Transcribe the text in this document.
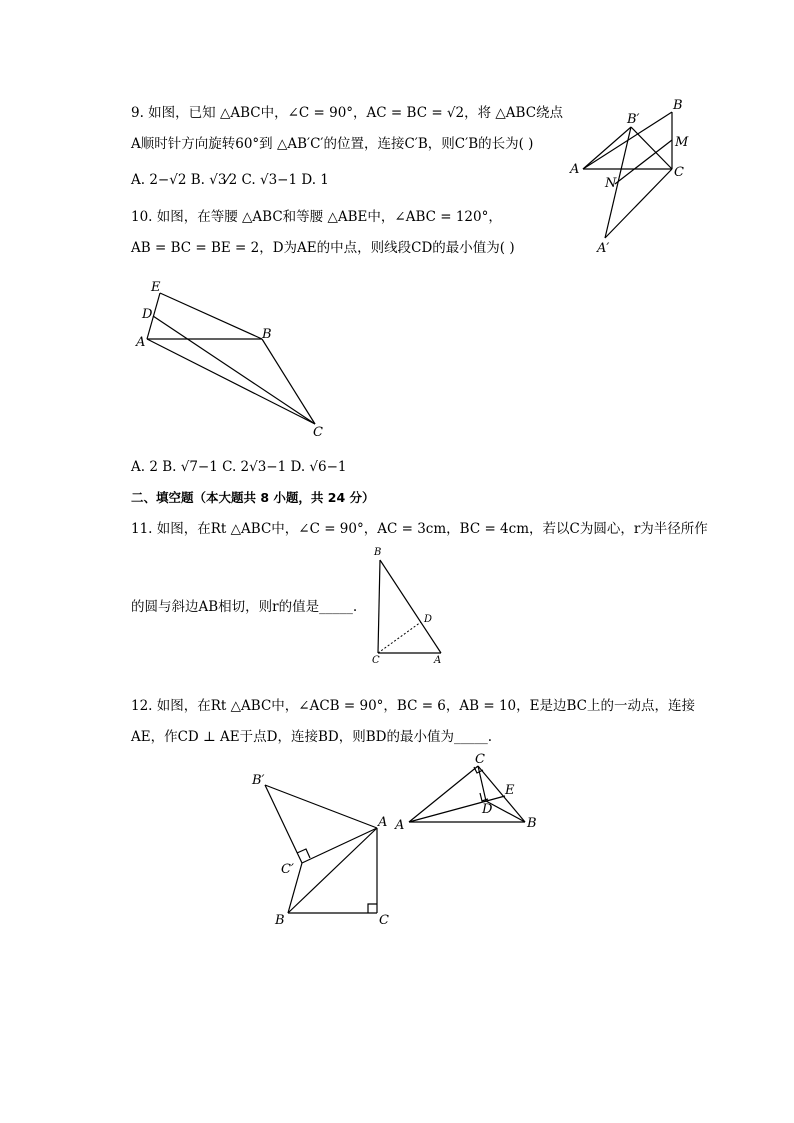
9. 如图，已知 △ABC中，∠C = 90°，AC = BC = √2，将 △ABC绕点
A顺时针方向旋转60°到 △AB′C′的位置，连接C′B，则C′B的长为( )
A. 2−√2 B. √3⁄2 C. √3−1 D. 1
B
B′
M
A
N
C
A′
10. 如图，在等腰 △ABC和等腰 △ABE中，∠ABC = 120°，
AB = BC = BE = 2，D为AE的中点，则线段CD的最小值为( )
E
D
A
B
C
A. 2 B. √7−1 C. 2√3−1 D. √6−1
二、填空题（本大题共 8 小题，共 24 分）
11. 如图，在Rt △ABC中，∠C = 90°，AC = 3cm，BC = 4cm，若以C为圆心，r为半径所作
的圆与斜边AB相切，则r的值是_____.
B
D
C	A
12. 如图，在Rt △ABC中，∠ACB = 90°，BC = 6，AB = 10，E是边BC上的一动点，连接
AE，作CD ⊥ AE于点D，连接BD，则BD的最小值为_____.
B′
A
C′
B	C
C
E
D
A	B
